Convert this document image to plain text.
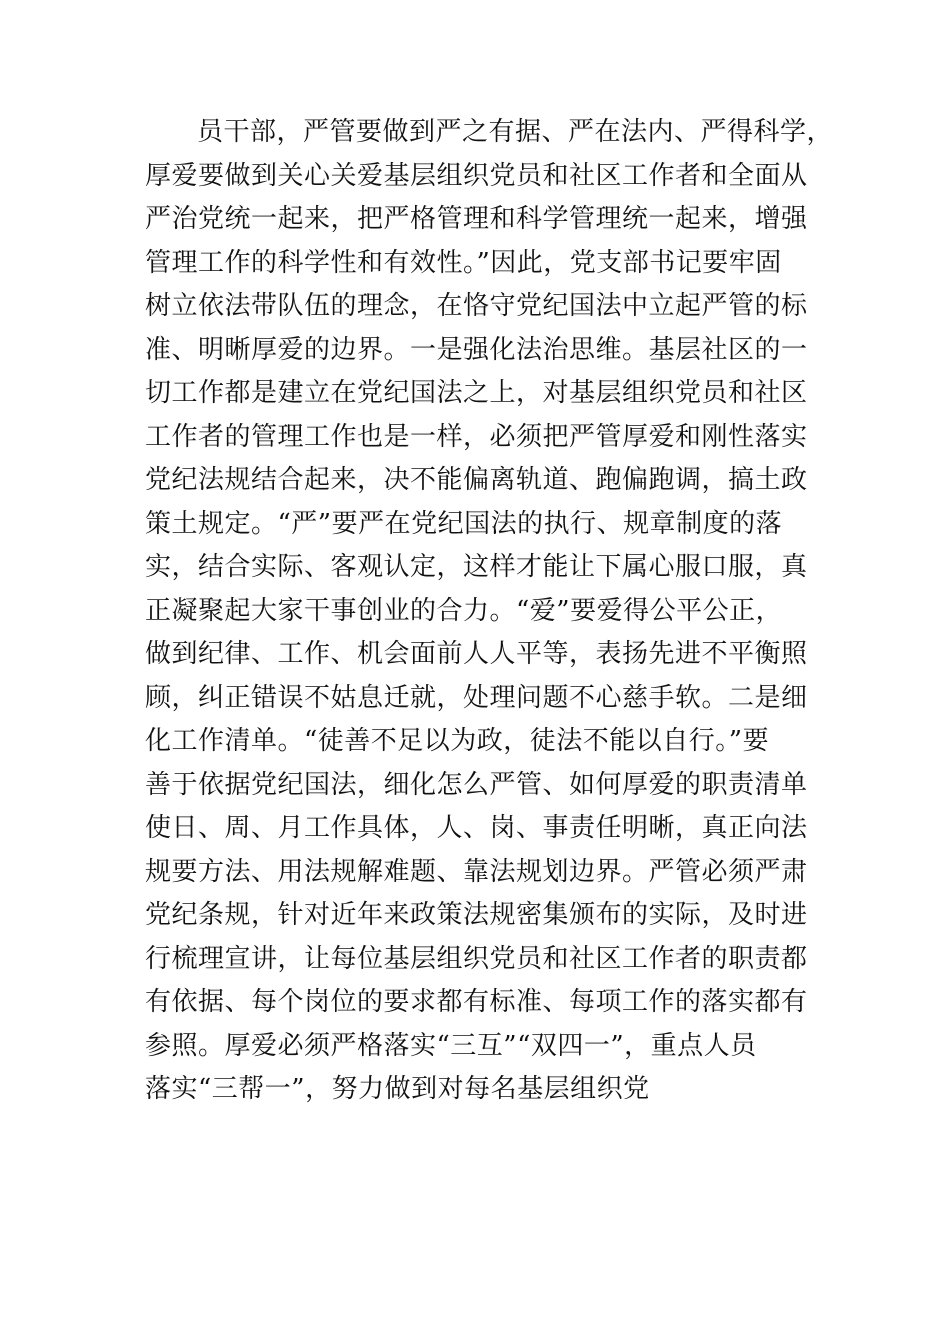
员干部，严管要做到严之有据、严在法内、严得科学，
厚爱要做到关心关爱基层组织党员和社区工作者和全面从
严治党统一起来，把严格管理和科学管理统一起来，增强
管理工作的科学性和有效性。”因此，党支部书记要牢固
树立依法带队伍的理念，在恪守党纪国法中立起严管的标
准、明晰厚爱的边界。一是强化法治思维。基层社区的一
切工作都是建立在党纪国法之上，对基层组织党员和社区
工作者的管理工作也是一样，必须把严管厚爱和刚性落实
党纪法规结合起来，决不能偏离轨道、跑偏跑调，搞土政
策土规定。“严”要严在党纪国法的执行、规章制度的落
实，结合实际、客观认定，这样才能让下属心服口服，真
正凝聚起大家干事创业的合力。“爱”要爱得公平公正，
做到纪律、工作、机会面前人人平等，表扬先进不平衡照
顾，纠正错误不姑息迁就，处理问题不心慈手软。二是细
化工作清单。“徒善不足以为政，徒法不能以自行。”要
善于依据党纪国法，细化怎么严管、如何厚爱的职责清单
使日、周、月工作具体，人、岗、事责任明晰，真正向法
规要方法、用法规解难题、靠法规划边界。严管必须严肃
党纪条规，针对近年来政策法规密集颁布的实际，及时进
行梳理宣讲，让每位基层组织党员和社区工作者的职责都
有依据、每个岗位的要求都有标准、每项工作的落实都有
参照。厚爱必须严格落实“三互”“双四一”，重点人员
落实“三帮一”，努力做到对每名基层组织党
